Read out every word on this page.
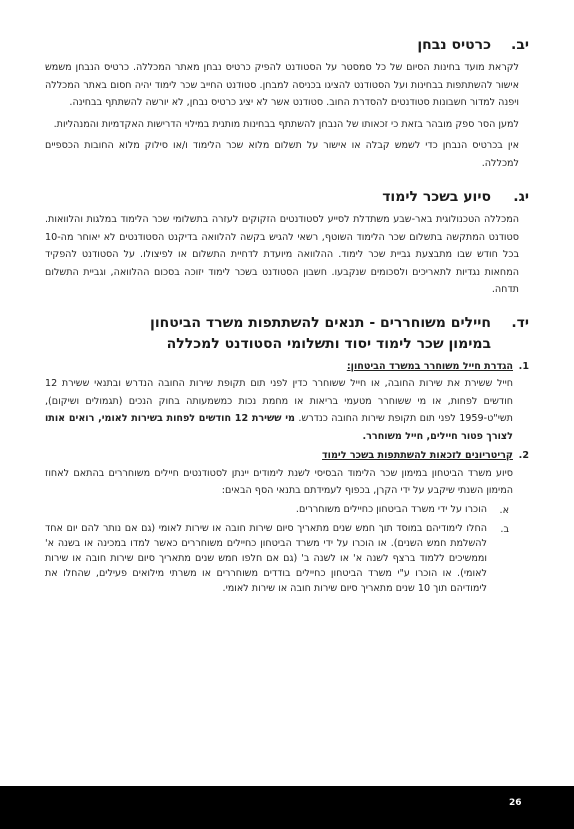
יב.
כרטיס נבחן

לקראת מועד בחינות הסיום של כל סמסטר על הסטודנט להפיק כרטיס נבחן מאתר המכללה. כרטיס הנבחן משמש אישור להשתתפות בבחינות ועל הסטודנט להציגו בכניסה למבחן. סטודנט החייב שכר לימוד יהיה חסום באתר המכללה ויפנה למדור חשבונות סטודנטים להסדרת החוב. סטודנט אשר לא יציג כרטיס נבחן, לא יורשה להשתתף בבחינה.

למען הסר ספק מובהר בזאת כי זכאותו של הנבחן להשתתף בבחינות מותנית במילוי הדרישות האקדמיות והמנהליות.

אין בכרטיס הנבחן כדי לשמש קבלה או אישור על תשלום מלוא שכר הלימוד ו/או סילוק מלוא החובות הכספיים למכללה.

יג.
סיוע בשכר לימוד

המכללה הטכנולוגית באר-שבע משתדלת לסייע לסטודנטים הזקוקים לעזרה בתשלומי שכר הלימוד במלגות והלוואות. סטודנט המתקשה בתשלום שכר הלימוד השוטף, רשאי להגיש בקשה להלוואה בדיקנט הסטודנטים לא יאוחר מה-10 בכל חודש שבו מתבצעת גביית שכר לימוד. ההלוואה מיועדת לדחיית התשלום או לפיצולו. על הסטודנט להפקיד המחאות נגדיות לתאריכים ולסכומים שנקבעו. חשבון הסטודנט בשכר לימוד יזוכה בסכום ההלוואה, וגביית התשלום תדחה.

יד.
חיילים משוחררים - תנאים להשתתפות משרד הביטחון
במימון שכר לימוד יסוד ותשלומי הסטודנט למכללה
1.
הגדרת חייל משוחרר במשרד הביטחון:

חייל ששירת את שירות החובה, או חייל ששוחרר כדין לפני תום תקופת שירות החובה הנדרש ובתנאי ששירת 12 חודשים לפחות, או מי ששוחרר מטעמי בריאות או מחמת נכות כמשמעותה בחוק הנכים (תגמולים ושיקום), תשי"ט-1959 לפני תום תקופת שירות החובה כנדרש. מי ששירת 12 חודשים לפחות בשירות לאומי, רואים אותו לצורך פטור חיילים, חייל משוחרר.

2.
קריטריונים לזכאות להשתתפות בשכר לימוד

סיוע משרד הביטחון במימון שכר הלימוד הבסיסי לשנת לימודים יינתן לסטודנטים חיילים משוחררים בהתאם לאחוז המימון השנתי שיקבע על ידי הקרן, בכפוף לעמידתם בתנאי הסף הבאים:

א.
הוכרו על ידי משרד הביטחון כחיילים משוחררים.
ב.
החלו לימודיהם במוסד תוך חמש שנים מתאריך סיום שירות חובה או שירות לאומי (גם אם נותר להם יום אחד להשלמת חמש השנים). או הוכרו על ידי משרד הביטחון כחיילים משוחררים כאשר למדו במכינה או בשנה א' וממשיכים ללמוד ברצף לשנה א' או לשנה ב' (גם אם חלפו חמש שנים מתאריך סיום שירות חובה או שירות לאומי). או הוכרו ע"י משרד הביטחון כחיילים בודדים משוחררים או משרתי מילואים פעילים, שהחלו את לימודיהם תוך 10 שנים מתאריך סיום שירות חובה או שירות לאומי.
26
